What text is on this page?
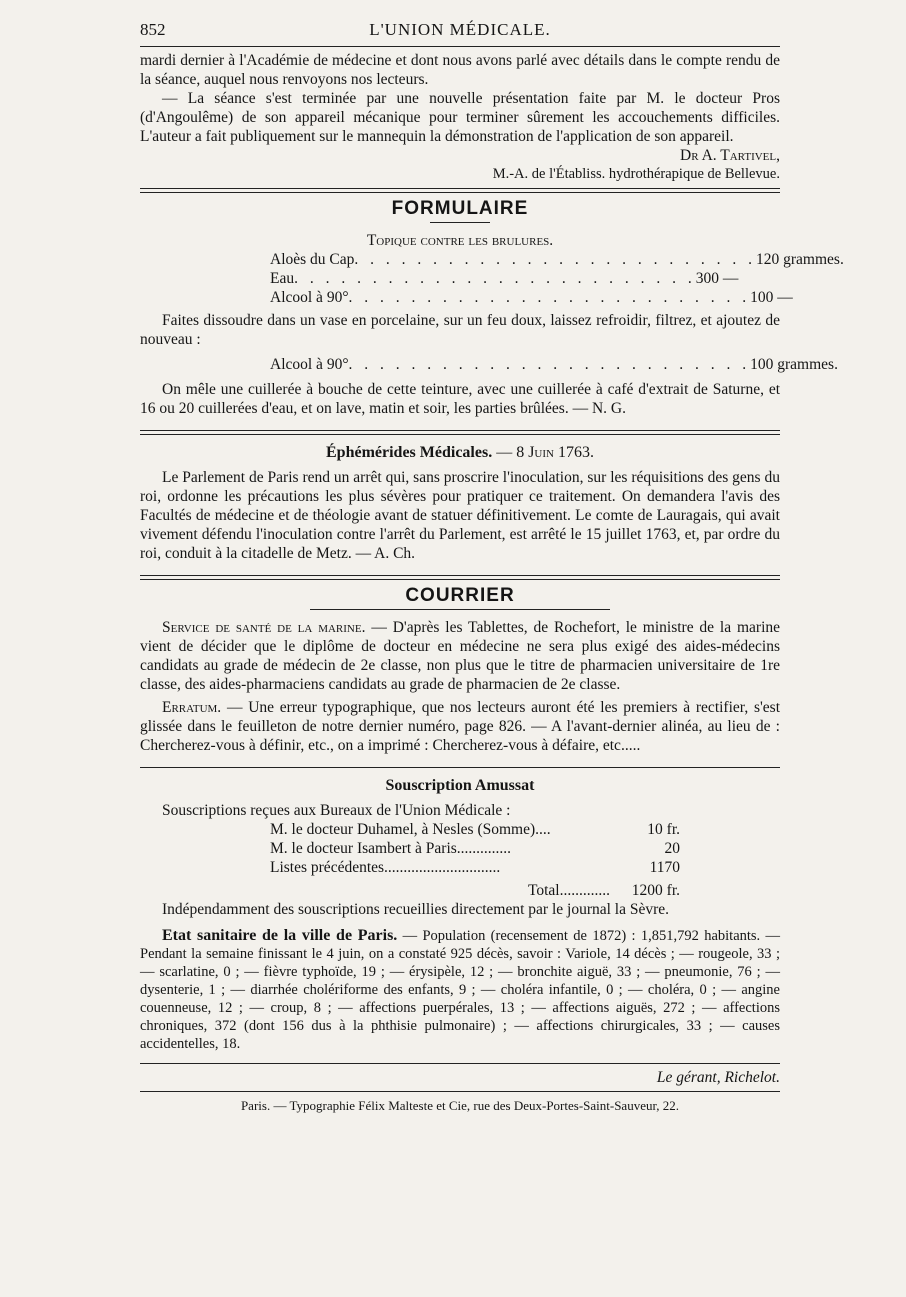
852	L'UNION MÉDICALE.

mardi dernier à l'Académie de médecine et dont nous avons parlé avec détails dans le compte rendu de la séance, auquel nous renvoyons nos lecteurs.

— La séance s'est terminée par une nouvelle présentation faite par M. le docteur Pros (d'Angoulême) de son appareil mécanique pour terminer sûrement les accouchements difficiles. L'auteur a fait publiquement sur le mannequin la démonstration de l'application de son appareil.

Dr A. Tartivel,

M.-A. de l'Établiss. hydrothérapique de Bellevue.

FORMULAIRE
Topique contre les brulures.
Aloès du Cap . . . . . . . . . . . . . . . . . . . . . . . . . . 120 grammes.
Eau . . . . . . . . . . . . . . . . . . . . . . . . . . 300 —
Alcool à 90° . . . . . . . . . . . . . . . . . . . . . . . . . . 100 —

Faites dissoudre dans un vase en porcelaine, sur un feu doux, laissez refroidir, filtrez, et ajoutez de nouveau :

Alcool à 90° . . . . . . . . . . . . . . . . . . . . . . . . . . 100 grammes.

On mêle une cuillerée à bouche de cette teinture, avec une cuillerée à café d'extrait de Saturne, et 16 ou 20 cuillerées d'eau, et on lave, matin et soir, les parties brûlées. — N. G.

Éphémérides Médicales. — 8 Juin 1763.

Le Parlement de Paris rend un arrêt qui, sans proscrire l'inoculation, sur les réquisitions des gens du roi, ordonne les précautions les plus sévères pour pratiquer ce traitement. On demandera l'avis des Facultés de médecine et de théologie avant de statuer définitivement. Le comte de Lauragais, qui avait vivement défendu l'inoculation contre l'arrêt du Parlement, est arrêté le 15 juillet 1763, et, par ordre du roi, conduit à la citadelle de Metz. — A. Ch.

COURRIER

Service de santé de la marine. — D'après les Tablettes, de Rochefort, le ministre de la marine vient de décider que le diplôme de docteur en médecine ne sera plus exigé des aides-médecins candidats au grade de médecin de 2e classe, non plus que le titre de pharmacien universitaire de 1re classe, des aides-pharmaciens candidats au grade de pharmacien de 2e classe.

Erratum. — Une erreur typographique, que nos lecteurs auront été les premiers à rectifier, s'est glissée dans le feuilleton de notre dernier numéro, page 826. — A l'avant-dernier alinéa, au lieu de : Chercherez-vous à définir, etc., on a imprimé : Chercherez-vous à défaire, etc.....

Souscription Amussat

Souscriptions reçues aux Bureaux de l'Union Médicale :

M. le docteur Duhamel, à Nesles (Somme)....	10 fr.
M. le docteur Isambert à Paris..............	20
Listes précédentes..............................	1170
Total.............	1200 fr.

Indépendamment des souscriptions recueillies directement par le journal la Sèvre.

Etat sanitaire de la ville de Paris. — Population (recensement de 1872) : 1,851,792 habitants. — Pendant la semaine finissant le 4 juin, on a constaté 925 décès, savoir : Variole, 14 décès ; — rougeole, 33 ; — scarlatine, 0 ; — fièvre typhoïde, 19 ; — érysipèle, 12 ; — bronchite aiguë, 33 ; — pneumonie, 76 ; — dysenterie, 1 ; — diarrhée cholériforme des enfants, 9 ; — choléra infantile, 0 ; — choléra, 0 ; — angine couenneuse, 12 ; — croup, 8 ; — affections puerpérales, 13 ; — affections aiguës, 272 ; — affections chroniques, 372 (dont 156 dus à la phthisie pulmonaire) ; — affections chirurgicales, 33 ; — causes accidentelles, 18.

Le gérant, Richelot.

Paris. — Typographie Félix Malteste et Cie, rue des Deux-Portes-Saint-Sauveur, 22.
